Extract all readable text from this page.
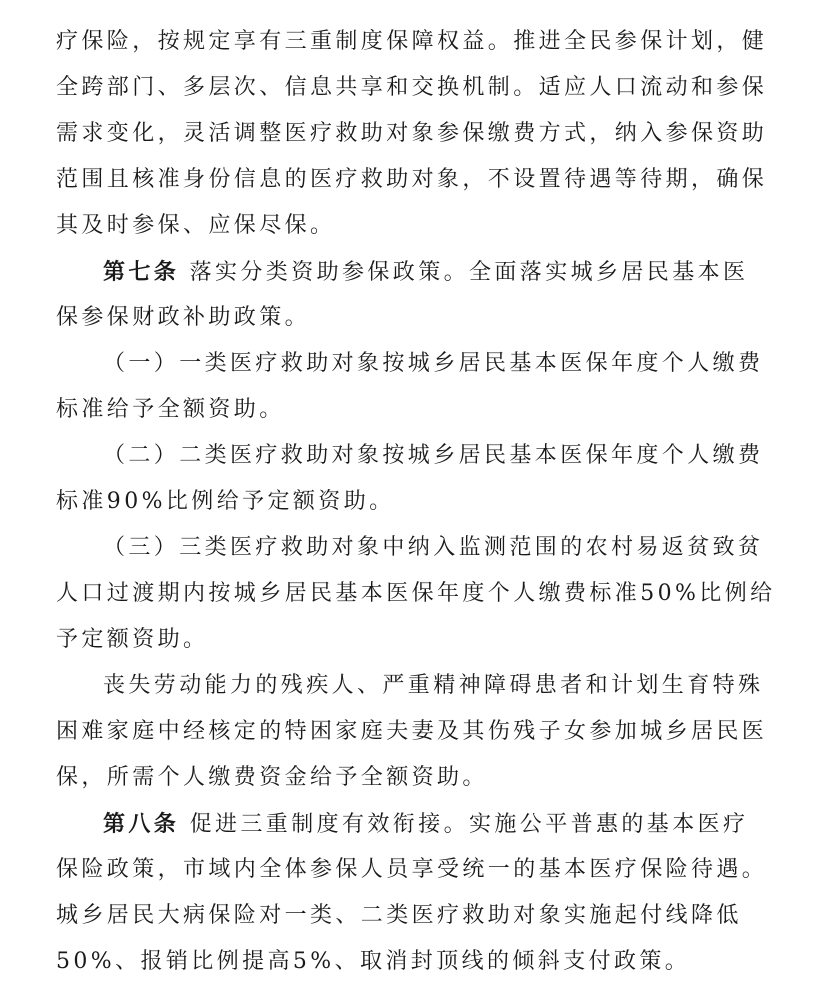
疗保险，按规定享有三重制度保障权益。推进全民参保计划，健
全跨部门、多层次、信息共享和交换机制。适应人口流动和参保
需求变化，灵活调整医疗救助对象参保缴费方式，纳入参保资助
范围且核准身份信息的医疗救助对象，不设置待遇等待期，确保
其及时参保、应保尽保。
第七条 落实分类资助参保政策。全面落实城乡居民基本医
保参保财政补助政策。
（一）一类医疗救助对象按城乡居民基本医保年度个人缴费
标准给予全额资助。
（二）二类医疗救助对象按城乡居民基本医保年度个人缴费
标准90%比例给予定额资助。
（三）三类医疗救助对象中纳入监测范围的农村易返贫致贫
人口过渡期内按城乡居民基本医保年度个人缴费标准50%比例给
予定额资助。
丧失劳动能力的残疾人、严重精神障碍患者和计划生育特殊
困难家庭中经核定的特困家庭夫妻及其伤残子女参加城乡居民医
保，所需个人缴费资金给予全额资助。
第八条 促进三重制度有效衔接。实施公平普惠的基本医疗
保险政策，市域内全体参保人员享受统一的基本医疗保险待遇。
城乡居民大病保险对一类、二类医疗救助对象实施起付线降低
50%、报销比例提高5%、取消封顶线的倾斜支付政策。
